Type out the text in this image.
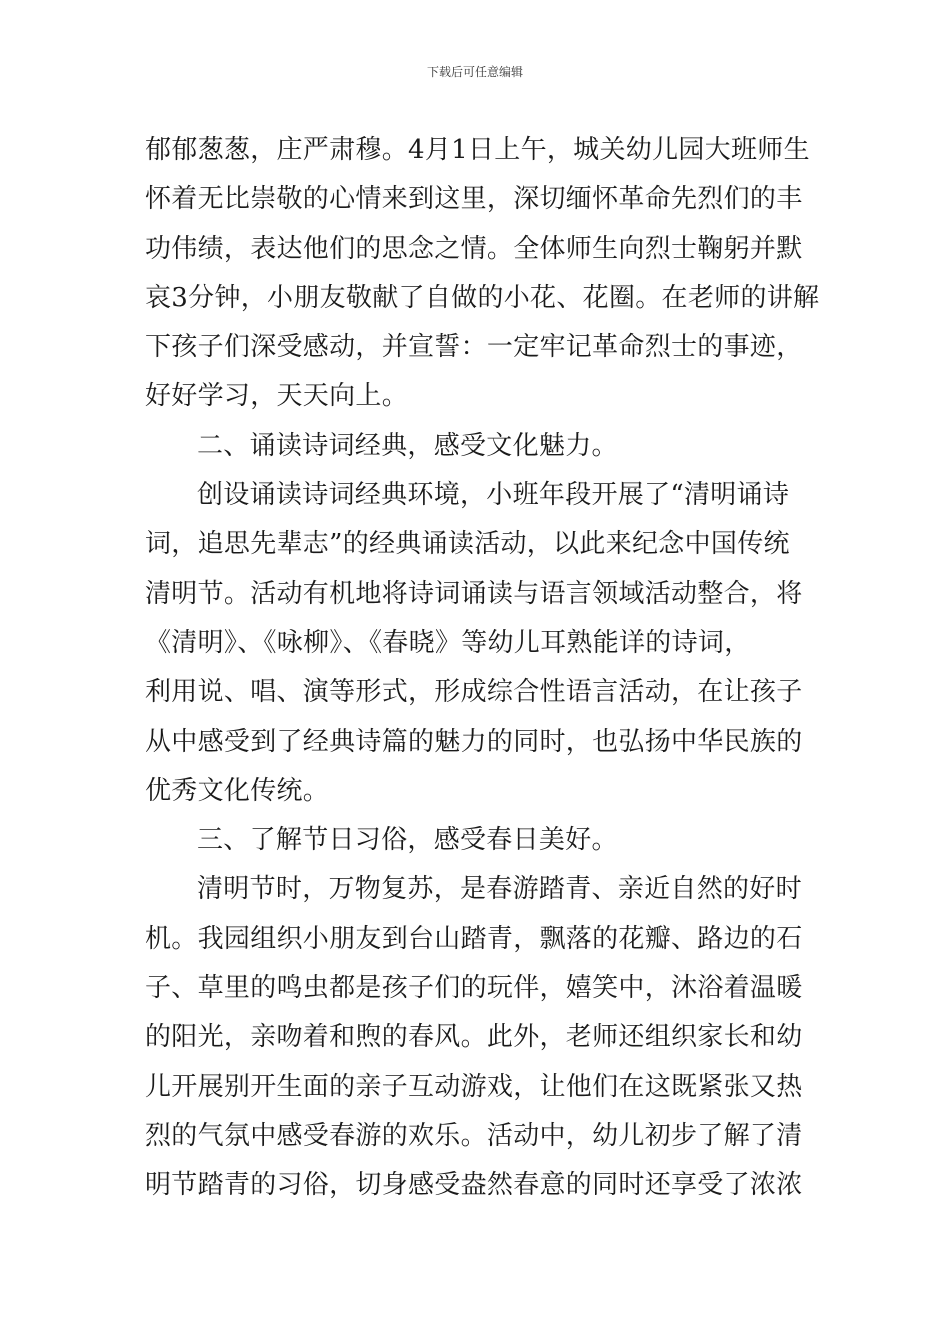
下载后可任意编辑
郁郁葱葱，庄严肃穆。4月1日上午，城关幼儿园大班师生
怀着无比崇敬的心情来到这里，深切缅怀革命先烈们的丰
功伟绩，表达他们的思念之情。全体师生向烈士鞠躬并默
哀3分钟，小朋友敬献了自做的小花、花圈。在老师的讲解
下孩子们深受感动，并宣誓：一定牢记革命烈士的事迹，
好好学习，天天向上。
二、诵读诗词经典，感受文化魅力。
创设诵读诗词经典环境，小班年段开展了“清明诵诗
词，追思先辈志”的经典诵读活动，以此来纪念中国传统
清明节。活动有机地将诗词诵读与语言领域活动整合，将
《清明》、《咏柳》、《春晓》等幼儿耳熟能详的诗词，
利用说、唱、演等形式，形成综合性语言活动，在让孩子
从中感受到了经典诗篇的魅力的同时，也弘扬中华民族的
优秀文化传统。
三、了解节日习俗，感受春日美好。
清明节时，万物复苏，是春游踏青、亲近自然的好时
机。我园组织小朋友到台山踏青，飘落的花瓣、路边的石
子、草里的鸣虫都是孩子们的玩伴，嬉笑中，沐浴着温暖
的阳光，亲吻着和煦的春风。此外，老师还组织家长和幼
儿开展别开生面的亲子互动游戏，让他们在这既紧张又热
烈的气氛中感受春游的欢乐。活动中，幼儿初步了解了清
明节踏青的习俗，切身感受盎然春意的同时还享受了浓浓
